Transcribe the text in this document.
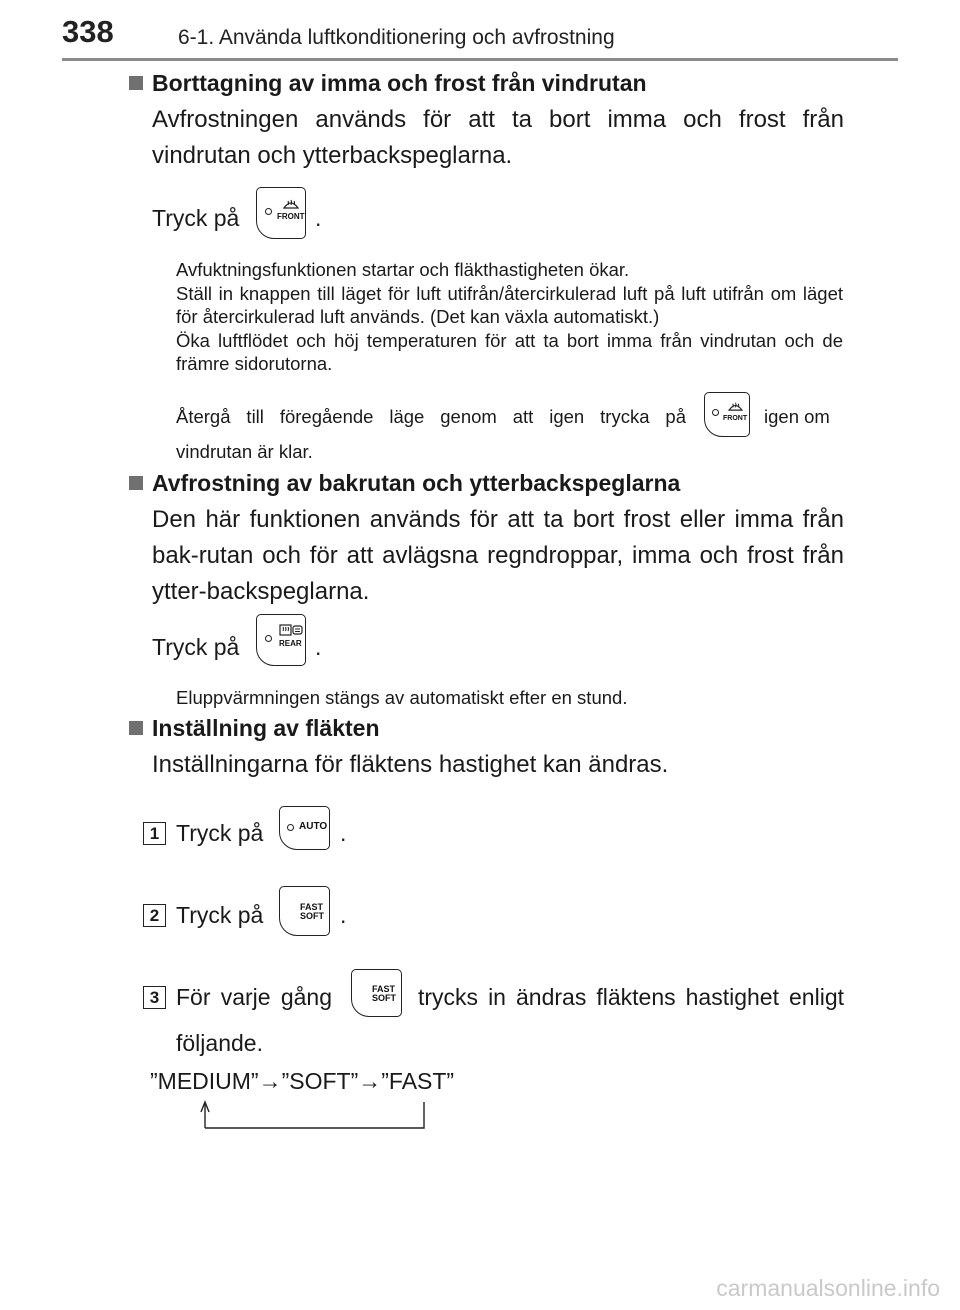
338	6-1. Använda luftkonditionering och avfrostning
Borttagning av imma och frost från vindrutan
Avfrostningen används för att ta bort imma och frost från vindrutan och ytterbackspeglarna.
Tryck på	FRONT .
Avfuktningsfunktionen startar och fläkthastigheten ökar.
Ställ in knappen till läget för luft utifrån/återcirkulerad luft på luft utifrån om läget för återcirkulerad luft används. (Det kan växla automatiskt.)
Öka luftflödet och höj temperaturen för att ta bort imma från vindrutan och de främre sidorutorna.
Återgå till föregående läge genom att igen trycka på	FRONT igen om
vindrutan är klar.
Avfrostning av bakrutan och ytterbackspeglarna
Den här funktionen används för att ta bort frost eller imma från bak-rutan och för att avlägsna regndroppar, imma och frost från ytter-backspeglarna.
Tryck på	REAR .
Eluppvärmningen stängs av automatiskt efter en stund.
Inställning av fläkten
Inställningarna för fläktens hastighet kan ändras.
1 Tryck på	AUTO .
2 Tryck på	FAST
SOFT .
3 För varje gång	FAST
SOFT trycks in ändras fläktens hastighet enligt
följande.
”MEDIUM”→”SOFT”→”FAST”
carmanualsonline.info
